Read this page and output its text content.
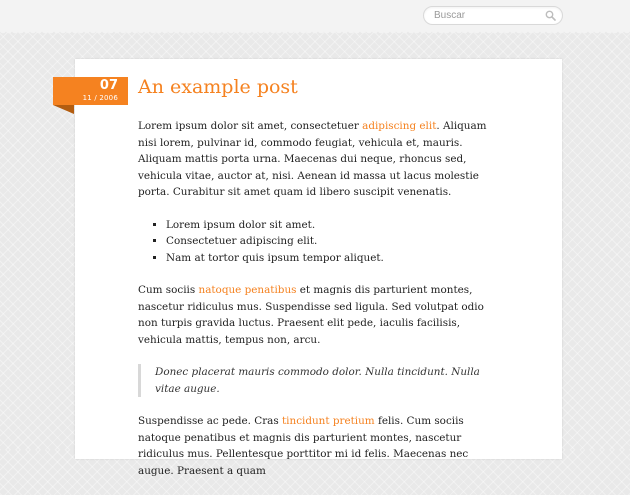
Buscar
07
11 / 2006 An example post

Lorem ipsum dolor sit amet, consectetuer adipiscing elit. Aliquam nisi lorem, pulvinar id, commodo feugiat, vehicula et, mauris. Aliquam mattis porta urna. Maecenas dui neque, rhoncus sed, vehicula vitae, auctor at, nisi. Aenean id massa ut lacus molestie porta. Curabitur sit amet quam id libero suscipit venenatis.

▪ Lorem ipsum dolor sit amet.
▪ Consectetuer adipiscing elit.
▪ Nam at tortor quis ipsum tempor aliquet.

Cum sociis natoque penatibus et magnis dis parturient montes, nascetur ridiculus mus. Suspendisse sed ligula. Sed volutpat odio non turpis gravida luctus. Praesent elit pede, iaculis facilisis, vehicula mattis, tempus non, arcu.

Donec placerat mauris commodo dolor. Nulla tincidunt. Nulla vitae augue.

Suspendisse ac pede. Cras tincidunt pretium felis. Cum sociis natoque penatibus et magnis dis parturient montes, nascetur ridiculus mus. Pellentesque porttitor mi id felis. Maecenas nec augue. Praesent a quam
